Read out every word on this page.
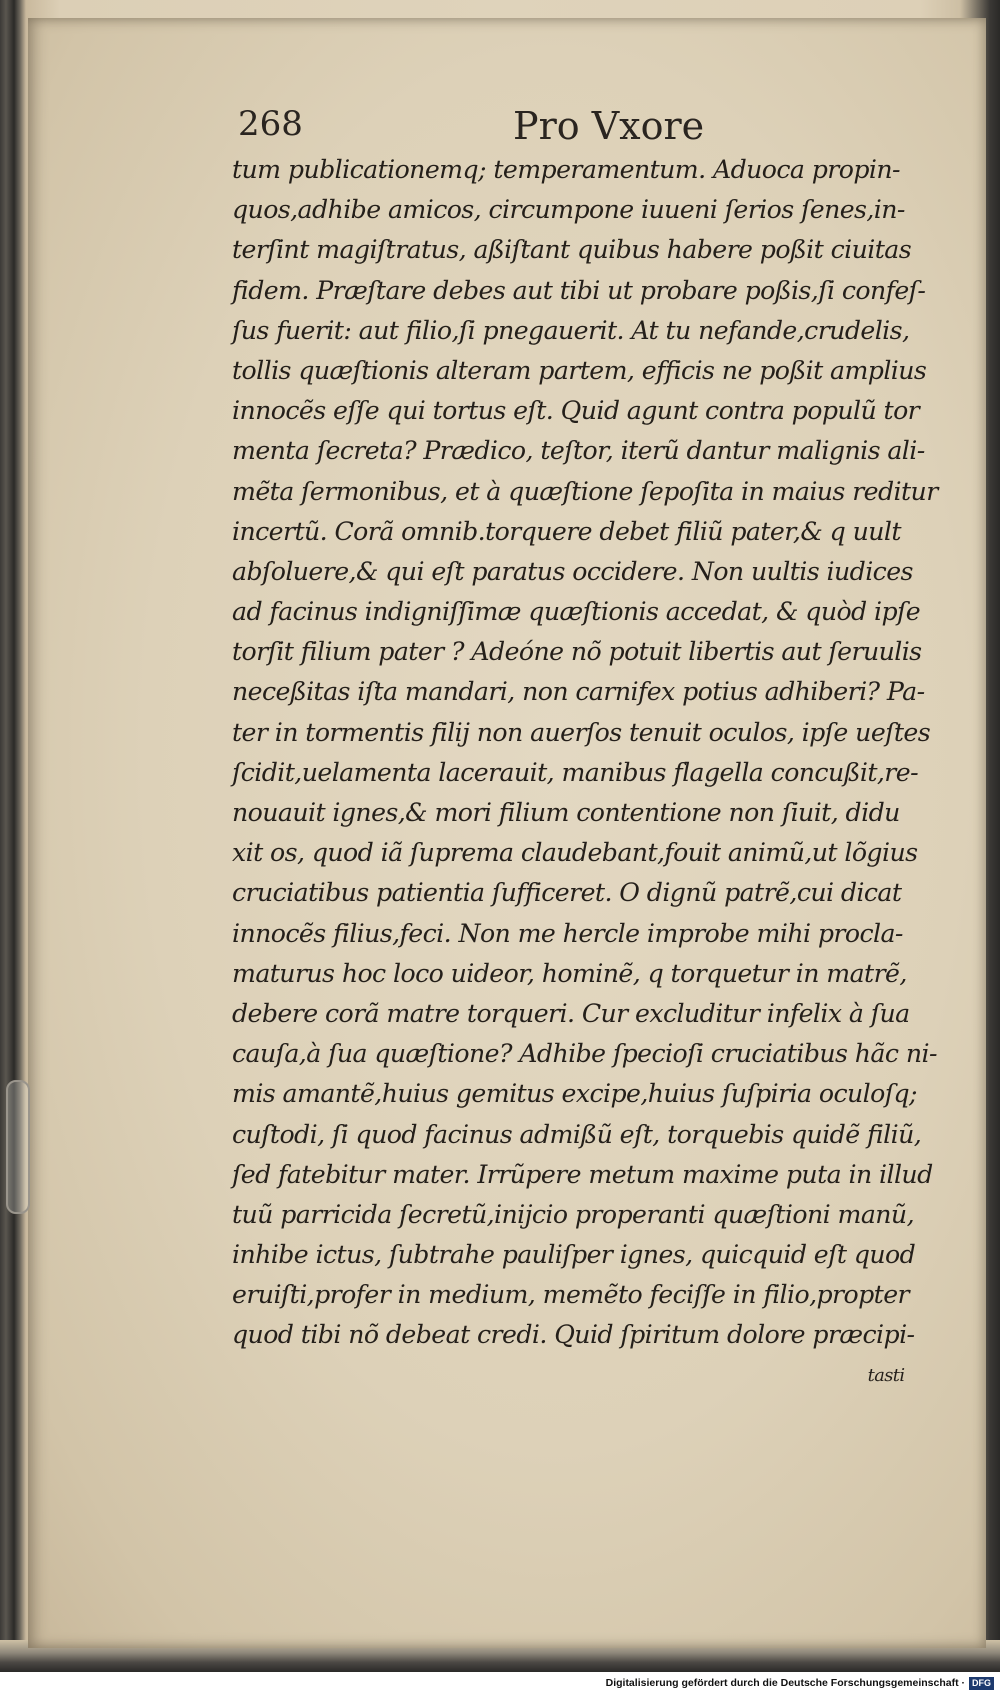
268	Pro Vxore
tum publicationemq; temperamentum. Aduoca propin-
quos,adhibe amicos, circumpone iuueni ſerios ſenes,in-
terſint magiſtratus, aßiſtant quibus habere poßit ciuitas
fidem. Præſtare debes aut tibi ut probare poßis,ſi confeſ-
ſus fuerit: aut filio,ſi pnegauerit. At tu nefande,crudelis,
tollis quæſtionis alteram partem, efficis ne poßit amplius
innocẽs eſſe qui tortus eſt. Quid agunt contra populũ tor
menta ſecreta? Prædico, teſtor, iterũ dantur malignis ali-
mẽta ſermonibus, et à quæſtione ſepoſita in maius reditur
incertũ. Corã omnib.torquere debet filiũ pater,& q uult
abſoluere,& qui eſt paratus occidere. Non uultis iudices
ad facinus indigniſſimæ quæſtionis accedat, & quòd ipſe
torſit filium pater ? Adeóne nõ potuit libertis aut ſeruulis
neceßitas iſta mandari, non carnifex potius adhiberi? Pa-
ter in tormentis filij non auerſos tenuit oculos, ipſe ueſtes
ſcidit,uelamenta lacerauit, manibus flagella concußit,re-
nouauit ignes,& mori filium contentione non ſiuit, didu
xit os, quod iã ſuprema claudebant,fouit animũ,ut lõgius
cruciatibus patientia ſufficeret. O dignũ patrẽ,cui dicat
innocẽs filius,feci. Non me hercle improbe mihi procla-
maturus hoc loco uideor, hominẽ, q torquetur in matrẽ,
debere corã matre torqueri. Cur excluditur infelix à ſua
cauſa,à ſua quæſtione? Adhibe ſpecioſi cruciatibus hãc ni-
mis amantẽ,huius gemitus excipe,huius ſuſpiria oculoſq;
cuſtodi, ſi quod facinus admißũ eſt, torquebis quidẽ filiũ,
ſed fatebitur mater. Irrũpere metum maxime puta in illud
tuũ parricida ſecretũ,inijcio properanti quæſtioni manũ,
inhibe ictus, ſubtrahe pauliſper ignes, quicquid eſt quod
eruiſti,profer in medium, memẽto feciſſe in filio,propter
quod tibi nõ debeat credi. Quid ſpiritum dolore præcipi-
tasti
Digitalisierung gefördert durch die Deutsche Forschungsgemeinschaft · DFG
